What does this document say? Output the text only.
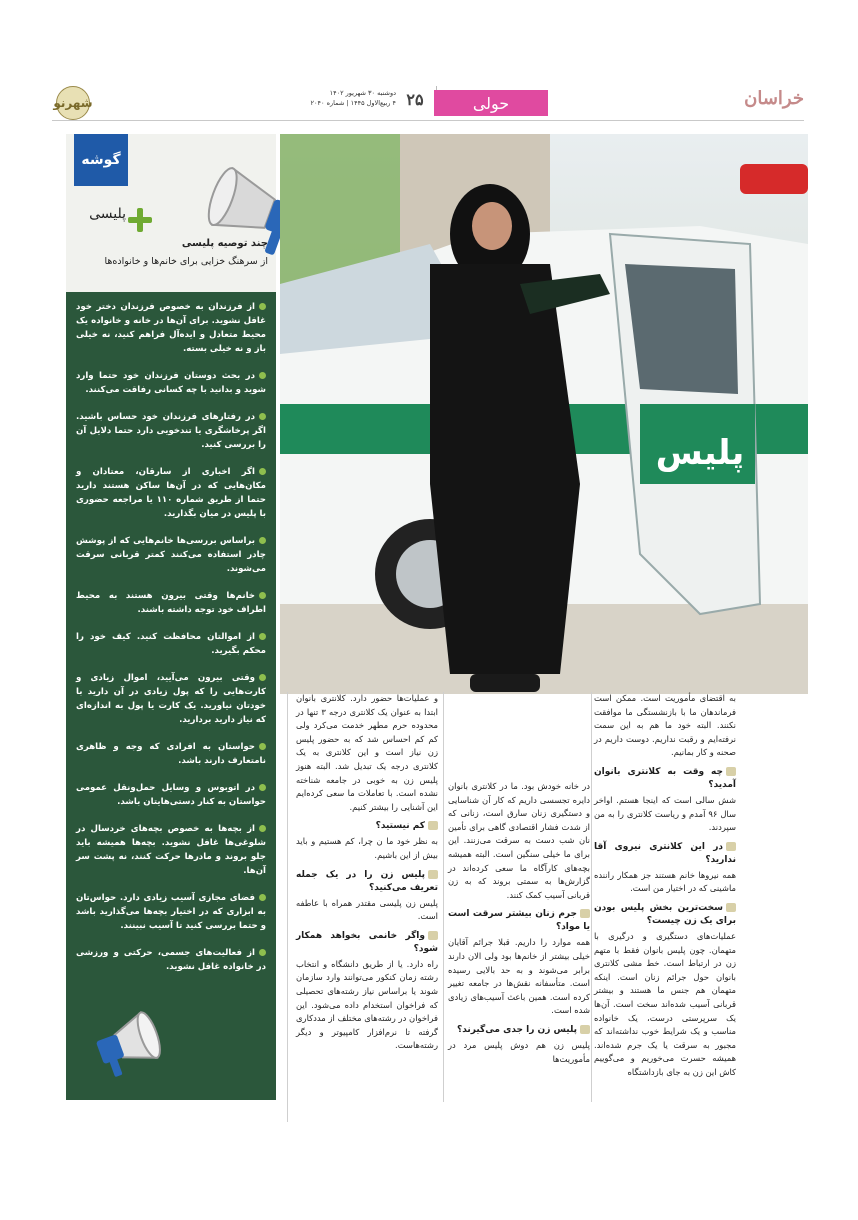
شهرنو
دوشنبه ۳۰ شهریور ۱۴۰۲
۴ ربیع‌الاول ۱۴۴۵ | شماره ۲۰۴۰ ۲۵	حولی	خراسان
گوشه
پلیسی
چند توصیه پلیسی
از سرهنگ خزایی برای خانم‌ها و خانواده‌ها
از فرزندان به خصوص فرزندان دختر خود غافل نشوید. برای آن‌ها در خانه و خانواده یک محیط متعادل و ایده‌آل فراهم کنید، نه خیلی باز و نه خیلی بسته.
در بحث دوستان فرزندان خود حتما وارد شوید و بدانید با چه کسانی رفاقت می‌کنند.
در رفتارهای فرزندان خود حساس باشید. اگر پرخاشگری یا تندخویی دارد حتما دلایل آن را بررسی کنید.
اگر اخباری از سارقان، معتادان و مکان‌هایی که در آن‌ها ساکن هستند دارید حتما از طریق شماره ۱۱۰ یا مراجعه حضوری با پلیس در میان بگذارید.
براساس بررسی‌ها خانم‌هایی که از پوشش چادر استفاده می‌کنند کمتر قربانی سرقت می‌شوند.
خانم‌ها وقتی بیرون هستند به محیط اطراف خود توجه داشته باشند.
از اموالتان محافظت کنید. کیف خود را محکم بگیرید.
وقتی بیرون می‌آیید، اموال زیادی و کارت‌هایی را که پول زیادی در آن دارید با خودتان نیاورید. یک کارت یا پول به اندازه‌ای که نیاز دارید بردارید.
حواستان به افرادی که وجه و ظاهری نامتعارف دارند باشد.
در اتوبوس و وسایل حمل‌ونقل عمومی حواستان به کنار دستی‌هایتان باشد.
از بچه‌ها به خصوص بچه‌های خردسال در شلوغی‌ها غافل نشوید. بچه‌ها همیشه باید جلو بروند و مادرها حرکت کنند، نه پشت سر آن‌ها.
فضای مجازی آسیب زیادی دارد. حواس‌تان به ابزاری که در اختیار بچه‌ها می‌گذارید باشد و حتما بررسی کنید تا آسیب نبینند.
از فعالیت‌های جسمی، حرکتی و ورزشی در خانواده غافل نشوید.
پلیس

به اقتضای مأموریت است. ممکن است فرماندهان ما با بازنشستگی ما موافقت نکنند. البته خود ما هم به این سمت نرفته‌ایم و رقبت نداریم. دوست داریم در صحنه و کار بمانیم.

چه وقت به کلانتری بانوان آمدید؟

شش سالی است که اینجا هستم. اواخر سال ۹۶ آمدم و ریاست کلانتری را به من سپردند.

در این کلانتری نیروی آقا ندارید؟

همه نیروها خانم هستند جز همکار راننده ماشینی که در اختیار من است.

سخت‌ترین بخش پلیس بودن برای یک زن چیست؟

عملیات‌های دستگیری و درگیری با متهمان. چون پلیس بانوان فقط با متهم زن در ارتباط است. خط مشی کلانتری بانوان حول جرائم زنان است. اینکه متهمان هم جنس ما هستند و بیشتر قربانی آسیب شده‌اند سخت است. آن‌ها یک سرپرستی درست، یک خانواده مناسب و یک شرایط خوب نداشته‌اند که مجبور به سرقت یا یک جرم شده‌اند. همیشه حسرت می‌خوریم و می‌گوییم کاش این زن به جای بازداشتگاه

در خانه خودش بود. ما در کلانتری بانوان دایره تجسسی داریم که کار آن شناسایی و دستگیری زنان سارق است، زنانی که از شدت فشار اقتصادی گاهی برای تأمین نان شب دست به سرقت می‌زنند. این برای ما خیلی سنگین است. البته همیشه بچه‌های کارآگاه ما سعی کرده‌اند در گزارش‌ها به سمتی بروند که به زن قربانی آسیب کمک کنند.

جرم زنان بیشتر سرقت است یا مواد؟

همه موارد را داریم. قبلا جرائم آقایان خیلی بیشتر از خانم‌ها بود ولی الان دارند برابر می‌شوند و به حد بالایی رسیده است. متأسفانه نقش‌ها در جامعه تغییر کرده است. همین باعث آسیب‌های زیادی شده است.

پلیس زن را جدی می‌گیرند؟

پلیس زن هم دوش پلیس مرد در مأموریت‌ها

و عملیات‌ها حضور دارد. کلانتری بانوان ابتدا به عنوان یک کلانتری درجه ۳ تنها در محدوده حرم مطهر خدمت می‌کرد ولی کم کم احساس شد که به حضور پلیس زن نیاز است و این کلانتری به یک کلانتری درجه یک تبدیل شد. البته هنوز پلیس زن به خوبی در جامعه شناخته نشده است. با تعاملات ما سعی کرده‌ایم این آشنایی را بیشتر کنیم.

کم نیستید؟

به نظر خود ما ن چرا، کم هستیم و باید بیش از این باشیم.

پلیس زن را در یک جمله تعریف می‌کنید؟

پلیس زن پلیسی مقتدر همراه با عاطفه است.

واگر خانمی بخواهد همکار شود؟

راه دارد. یا از طریق دانشگاه و انتخاب رشته زمان کنکور می‌توانند وارد سازمان شوند یا براساس نیاز رشته‌های تحصیلی که فراخوان استخدام داده می‌شود. این فراخوان در رشته‌های مختلف از مددکاری گرفته تا نرم‌افزار کامپیوتر و دیگر رشته‌هاست.
